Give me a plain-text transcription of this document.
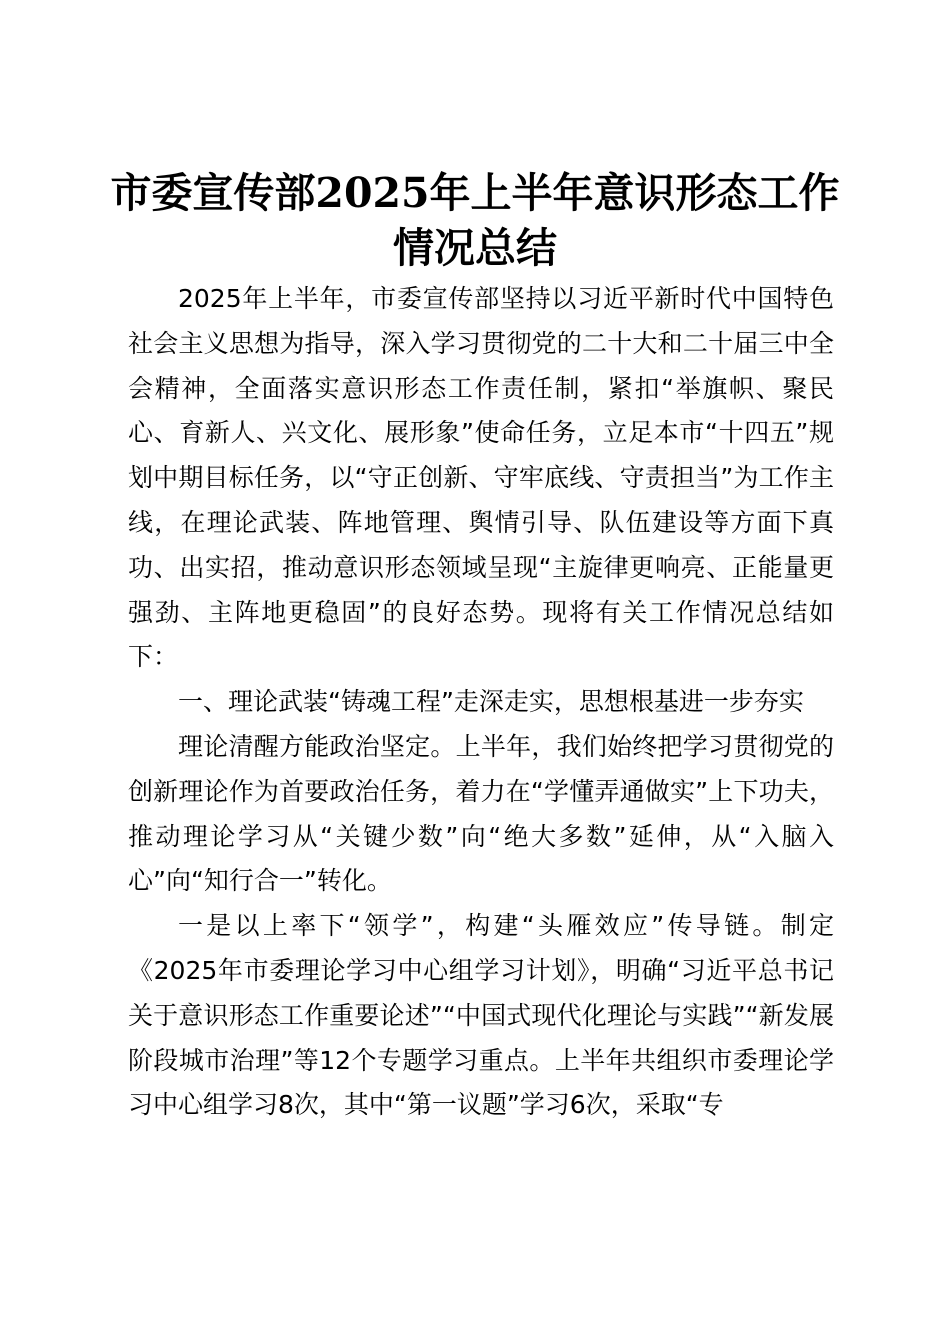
市委宣传部2025年上半年意识形态工作情况总结

2025年上半年，市委宣传部坚持以习近平新时代中国特色社会主义思想为指导，深入学习贯彻党的二十大和二十届三中全会精神，全面落实意识形态工作责任制，紧扣“举旗帜、聚民心、育新人、兴文化、展形象”使命任务，立足本市“十四五”规划中期目标任务，以“守正创新、守牢底线、守责担当”为工作主线，在理论武装、阵地管理、舆情引导、队伍建设等方面下真功、出实招，推动意识形态领域呈现“主旋律更响亮、正能量更强劲、主阵地更稳固”的良好态势。现将有关工作情况总结如下：

一、理论武装“铸魂工程”走深走实，思想根基进一步夯实

理论清醒方能政治坚定。上半年，我们始终把学习贯彻党的创新理论作为首要政治任务，着力在“学懂弄通做实”上下功夫，推动理论学习从“关键少数”向“绝大多数”延伸，从“入脑入心”向“知行合一”转化。

一是以上率下“领学”，构建“头雁效应”传导链。制定《2025年市委理论学习中心组学习计划》，明确“习近平总书记关于意识形态工作重要论述”“中国式现代化理论与实践”“新发展阶段城市治理”等12个专题学习重点。上半年共组织市委理论学习中心组学习8次，其中“第一议题”学习6次，采取“专
